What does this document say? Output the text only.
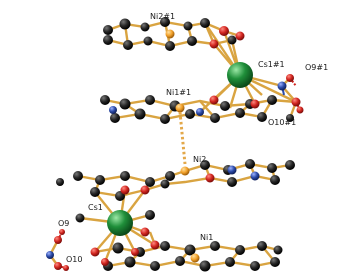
Ni2#1
Cs1#1	O9#1
Ni1#1
O10#1
Ni2
Cs1
O9
Ni1
O10
